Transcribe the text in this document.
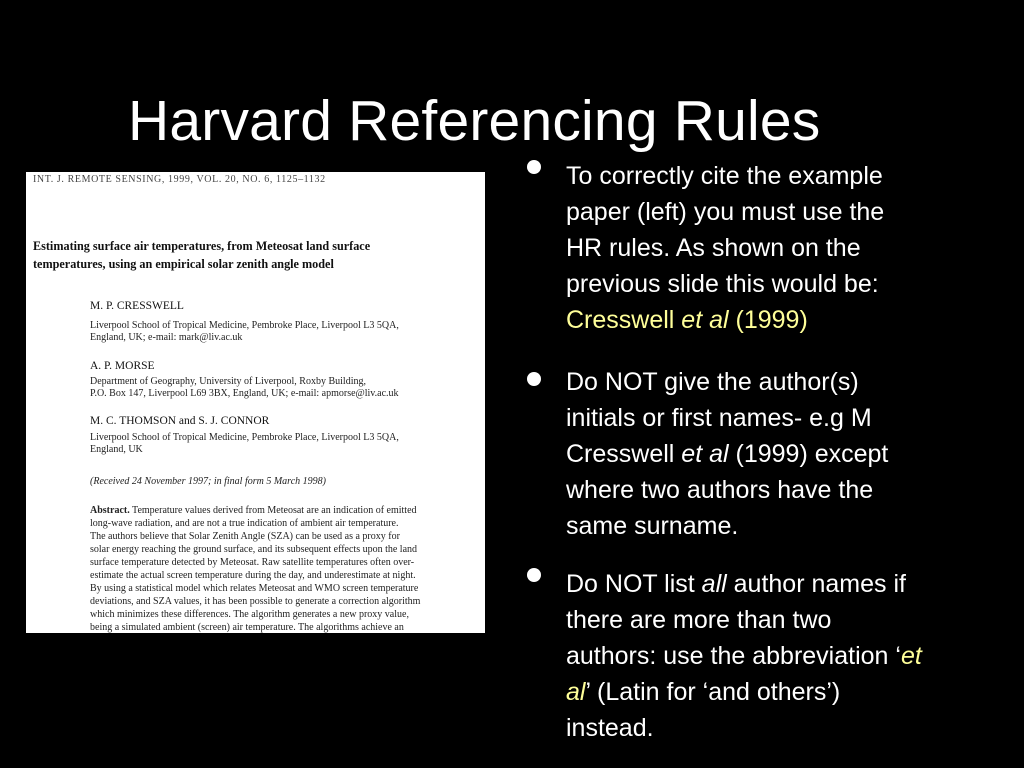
Harvard Referencing Rules
INT. J. REMOTE SENSING, 1999, VOL. 20, NO. 6, 1125–1132
Estimating surface air temperatures, from Meteosat land surface
temperatures, using an empirical solar zenith angle model
M. P. CRESSWELL
Liverpool School of Tropical Medicine, Pembroke Place, Liverpool L3 5QA,
England, UK; e-mail: mark@liv.ac.uk
A. P. MORSE
Department of Geography, University of Liverpool, Roxby Building,
P.O. Box 147, Liverpool L69 3BX, England, UK; e-mail: apmorse@liv.ac.uk
M. C. THOMSON and S. J. CONNOR
Liverpool School of Tropical Medicine, Pembroke Place, Liverpool L3 5QA,
England, UK
(Received 24 November 1997; in final form 5 March 1998)
Abstract. Temperature values derived from Meteosat are an indication of emitted
long-wave radiation, and are not a true indication of ambient air temperature.
The authors believe that Solar Zenith Angle (SZA) can be used as a proxy for
solar energy reaching the ground surface, and its subsequent effects upon the land
surface temperature detected by Meteosat. Raw satellite temperatures often over-
estimate the actual screen temperature during the day, and underestimate at night.
By using a statistical model which relates Meteosat and WMO screen temperature
deviations, and SZA values, it has been possible to generate a correction algorithm
which minimizes these differences. The algorithm generates a new proxy value,
being a simulated ambient (screen) air temperature. The algorithms achieve an
To correctly cite the example
paper (left) you must use the
HR rules. As shown on the
previous slide this would be:
Cresswell et al (1999)
Do NOT give the author(s)
initials or first names- e.g M
Cresswell et al (1999) except
where two authors have the
same surname.
Do NOT list all author names if
there are more than two
authors: use the abbreviation ‘et
al’ (Latin for ‘and others’)
instead.
